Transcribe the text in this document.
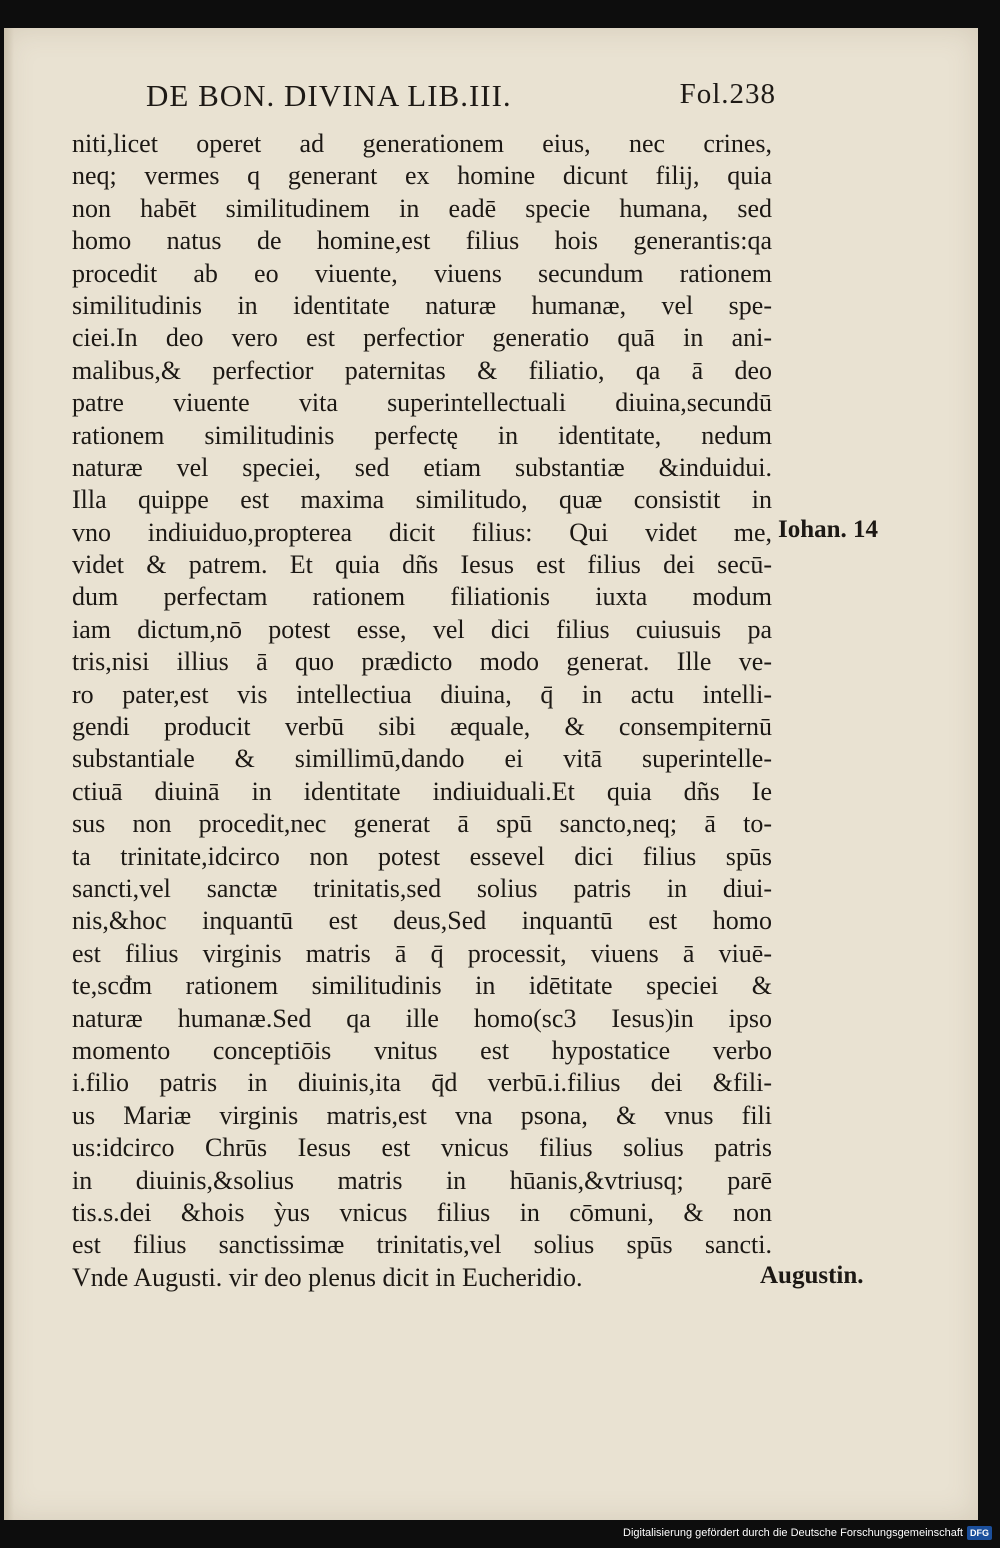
DE BON. DIVINA LIB.III.	Fol.238
niti,licet operet ad generationem eius, nec crines,
neq; vermes q generant ex homine dicunt filij, quia
non habēt similitudinem in eadē specie humana, sed
homo natus de homine,est filius hois generantis:qa
procedit ab eo viuente, viuens secundum rationem
similitudinis in identitate naturæ humanæ, vel spe-
ciei.In deo vero est perfectior generatio quā in ani-
malibus,& perfectior paternitas & filiatio, qa ā deo
patre viuente vita superintellectuali diuina,secundū
rationem similitudinis perfectę in identitate, nedum
naturæ vel speciei, sed etiam substantiæ &induidui.
Illa quippe est maxima similitudo, quæ consistit in
vno indiuiduo,propterea dicit filius: Qui videt me,
videt & patrem. Et quia dñs Iesus est filius dei secū-
dum perfectam rationem filiationis iuxta modum
iam dictum,nō potest esse, vel dici filius cuiusuis pa
tris,nisi illius ā quo prædicto modo generat. Ille ve-
ro pater,est vis intellectiua diuina, q̄ in actu intelli-
gendi producit verbū sibi æquale, & consempiternū
substantiale & simillimū,dando ei vitā superintelle-
ctiuā diuinā in identitate indiuiduali.Et quia dñs Ie
sus non procedit,nec generat ā spū sancto,neq; ā to-
ta trinitate,idcirco non potest essevel dici filius spūs
sancti,vel sanctæ trinitatis,sed solius patris in diui-
nis,&hoc inquantū est deus,Sed inquantū est homo
est filius virginis matris ā q̄ processit, viuens ā viuē-
te,scđm rationem similitudinis in idētitate speciei &
naturæ humanæ.Sed qa ille homo(sc3 Iesus)in ipso
momento conceptiōis vnitus est hypostatice verbo
i.filio patris in diuinis,ita q̄d verbū.i.filius dei &fili-
us Mariæ virginis matris,est vna psona, & vnus fili
us:idcirco Chrūs Iesus est vnicus filius solius patris
in diuinis,&solius matris in hūanis,&vtriusq; parē
tis.s.dei &hois ỳus vnicus filius in cōmuni, & non
est filius sanctissimæ trinitatis,vel solius spūs sancti.
Vnde Augusti. vir deo plenus dicit in Eucheridio.
Iohan. 14
Augustin.
Digitalisierung gefördert durch die Deutsche Forschungsgemeinschaft DFG
